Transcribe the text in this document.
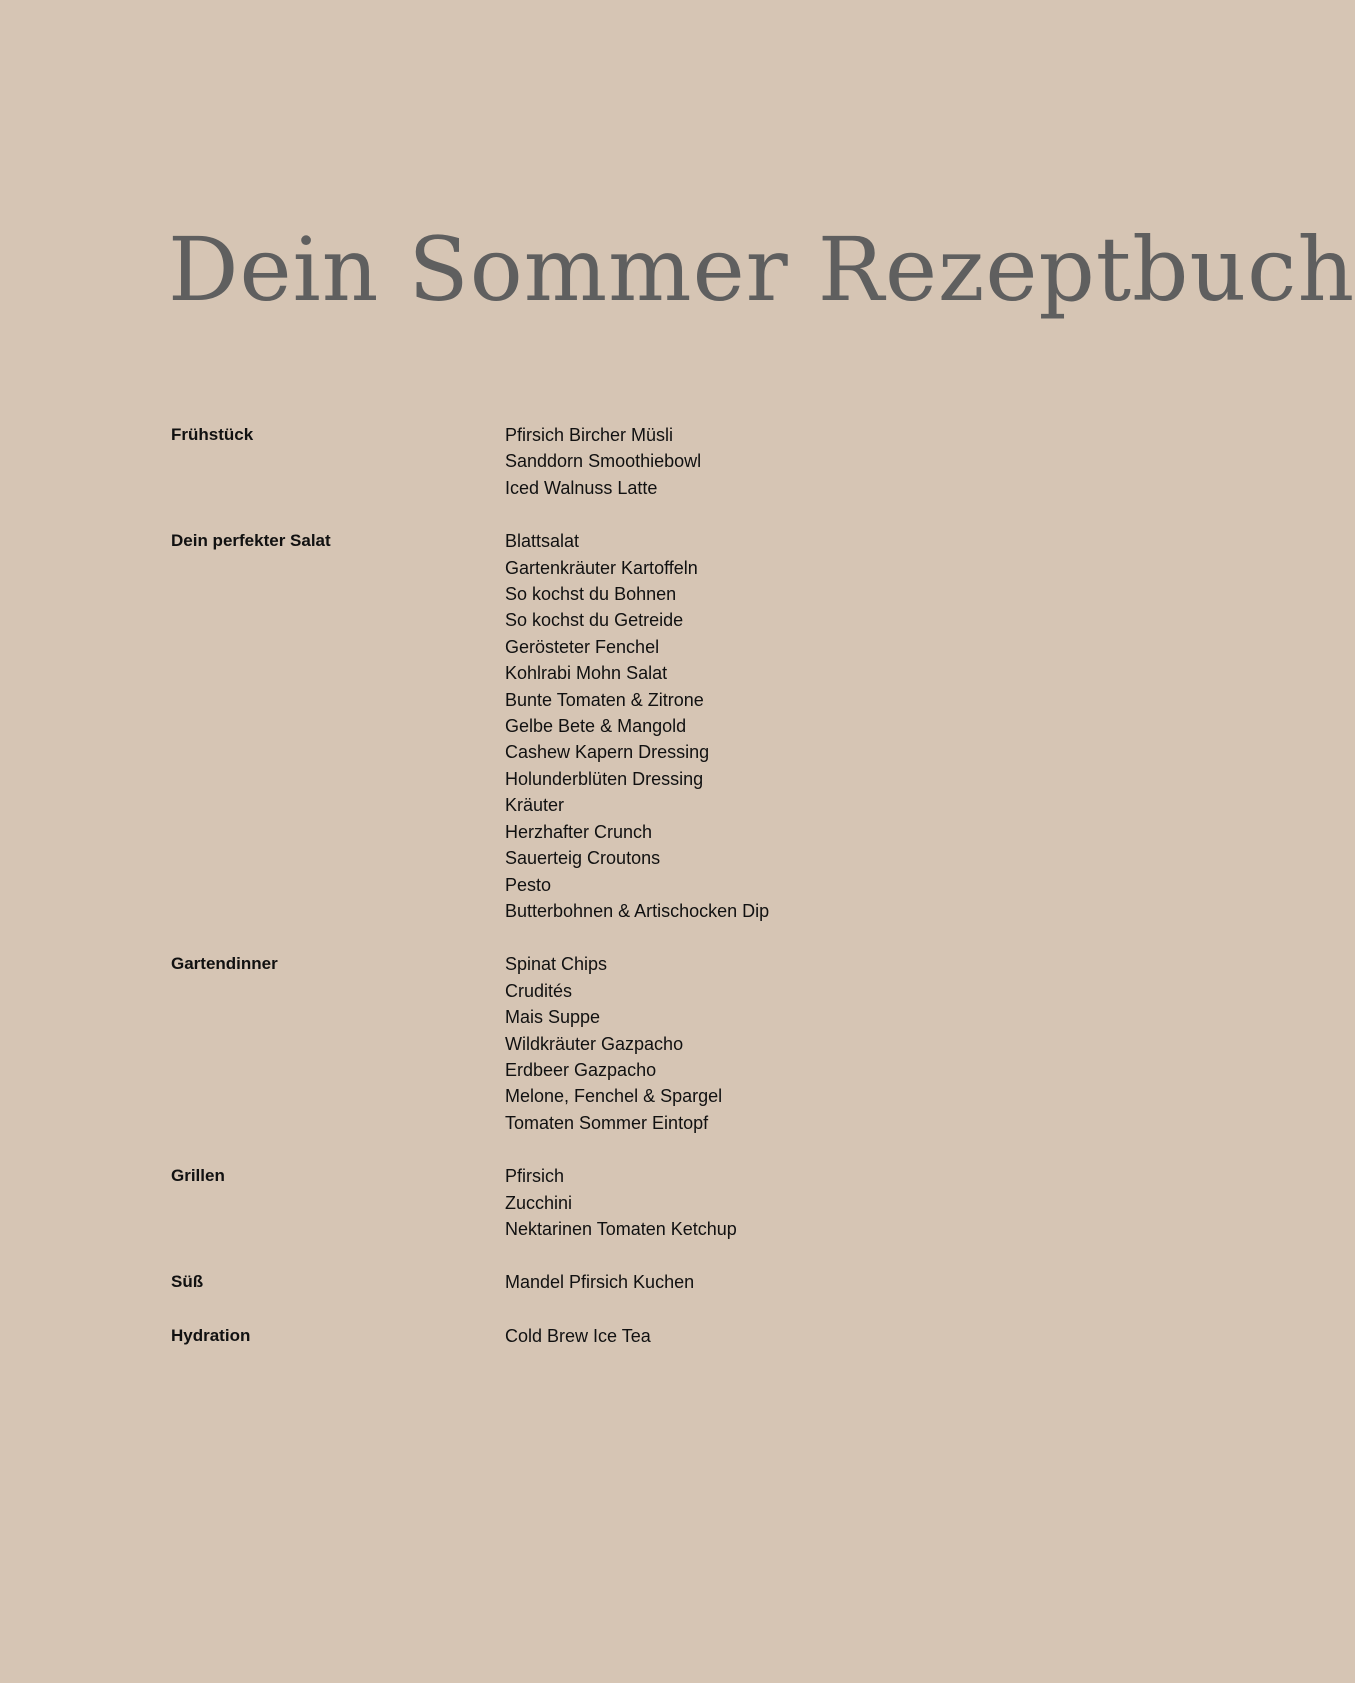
Dein Sommer Rezeptbuch
Frühstück	Pfirsich Bircher Müsli
Sanddorn Smoothiebowl
Iced Walnuss Latte
Dein perfekter Salat	Blattsalat
Gartenkräuter Kartoffeln
So kochst du Bohnen
So kochst du Getreide
Gerösteter Fenchel
Kohlrabi Mohn Salat
Bunte Tomaten & Zitrone
Gelbe Bete & Mangold
Cashew Kapern Dressing
Holunderblüten Dressing
Kräuter
Herzhafter Crunch
Sauerteig Croutons
Pesto
Butterbohnen & Artischocken Dip
Gartendinner	Spinat Chips
Crudités
Mais Suppe
Wildkräuter Gazpacho
Erdbeer Gazpacho
Melone, Fenchel & Spargel
Tomaten Sommer Eintopf
Grillen	Pfirsich
Zucchini
Nektarinen Tomaten Ketchup
Süß	Mandel Pfirsich Kuchen
Hydration	Cold Brew Ice Tea
